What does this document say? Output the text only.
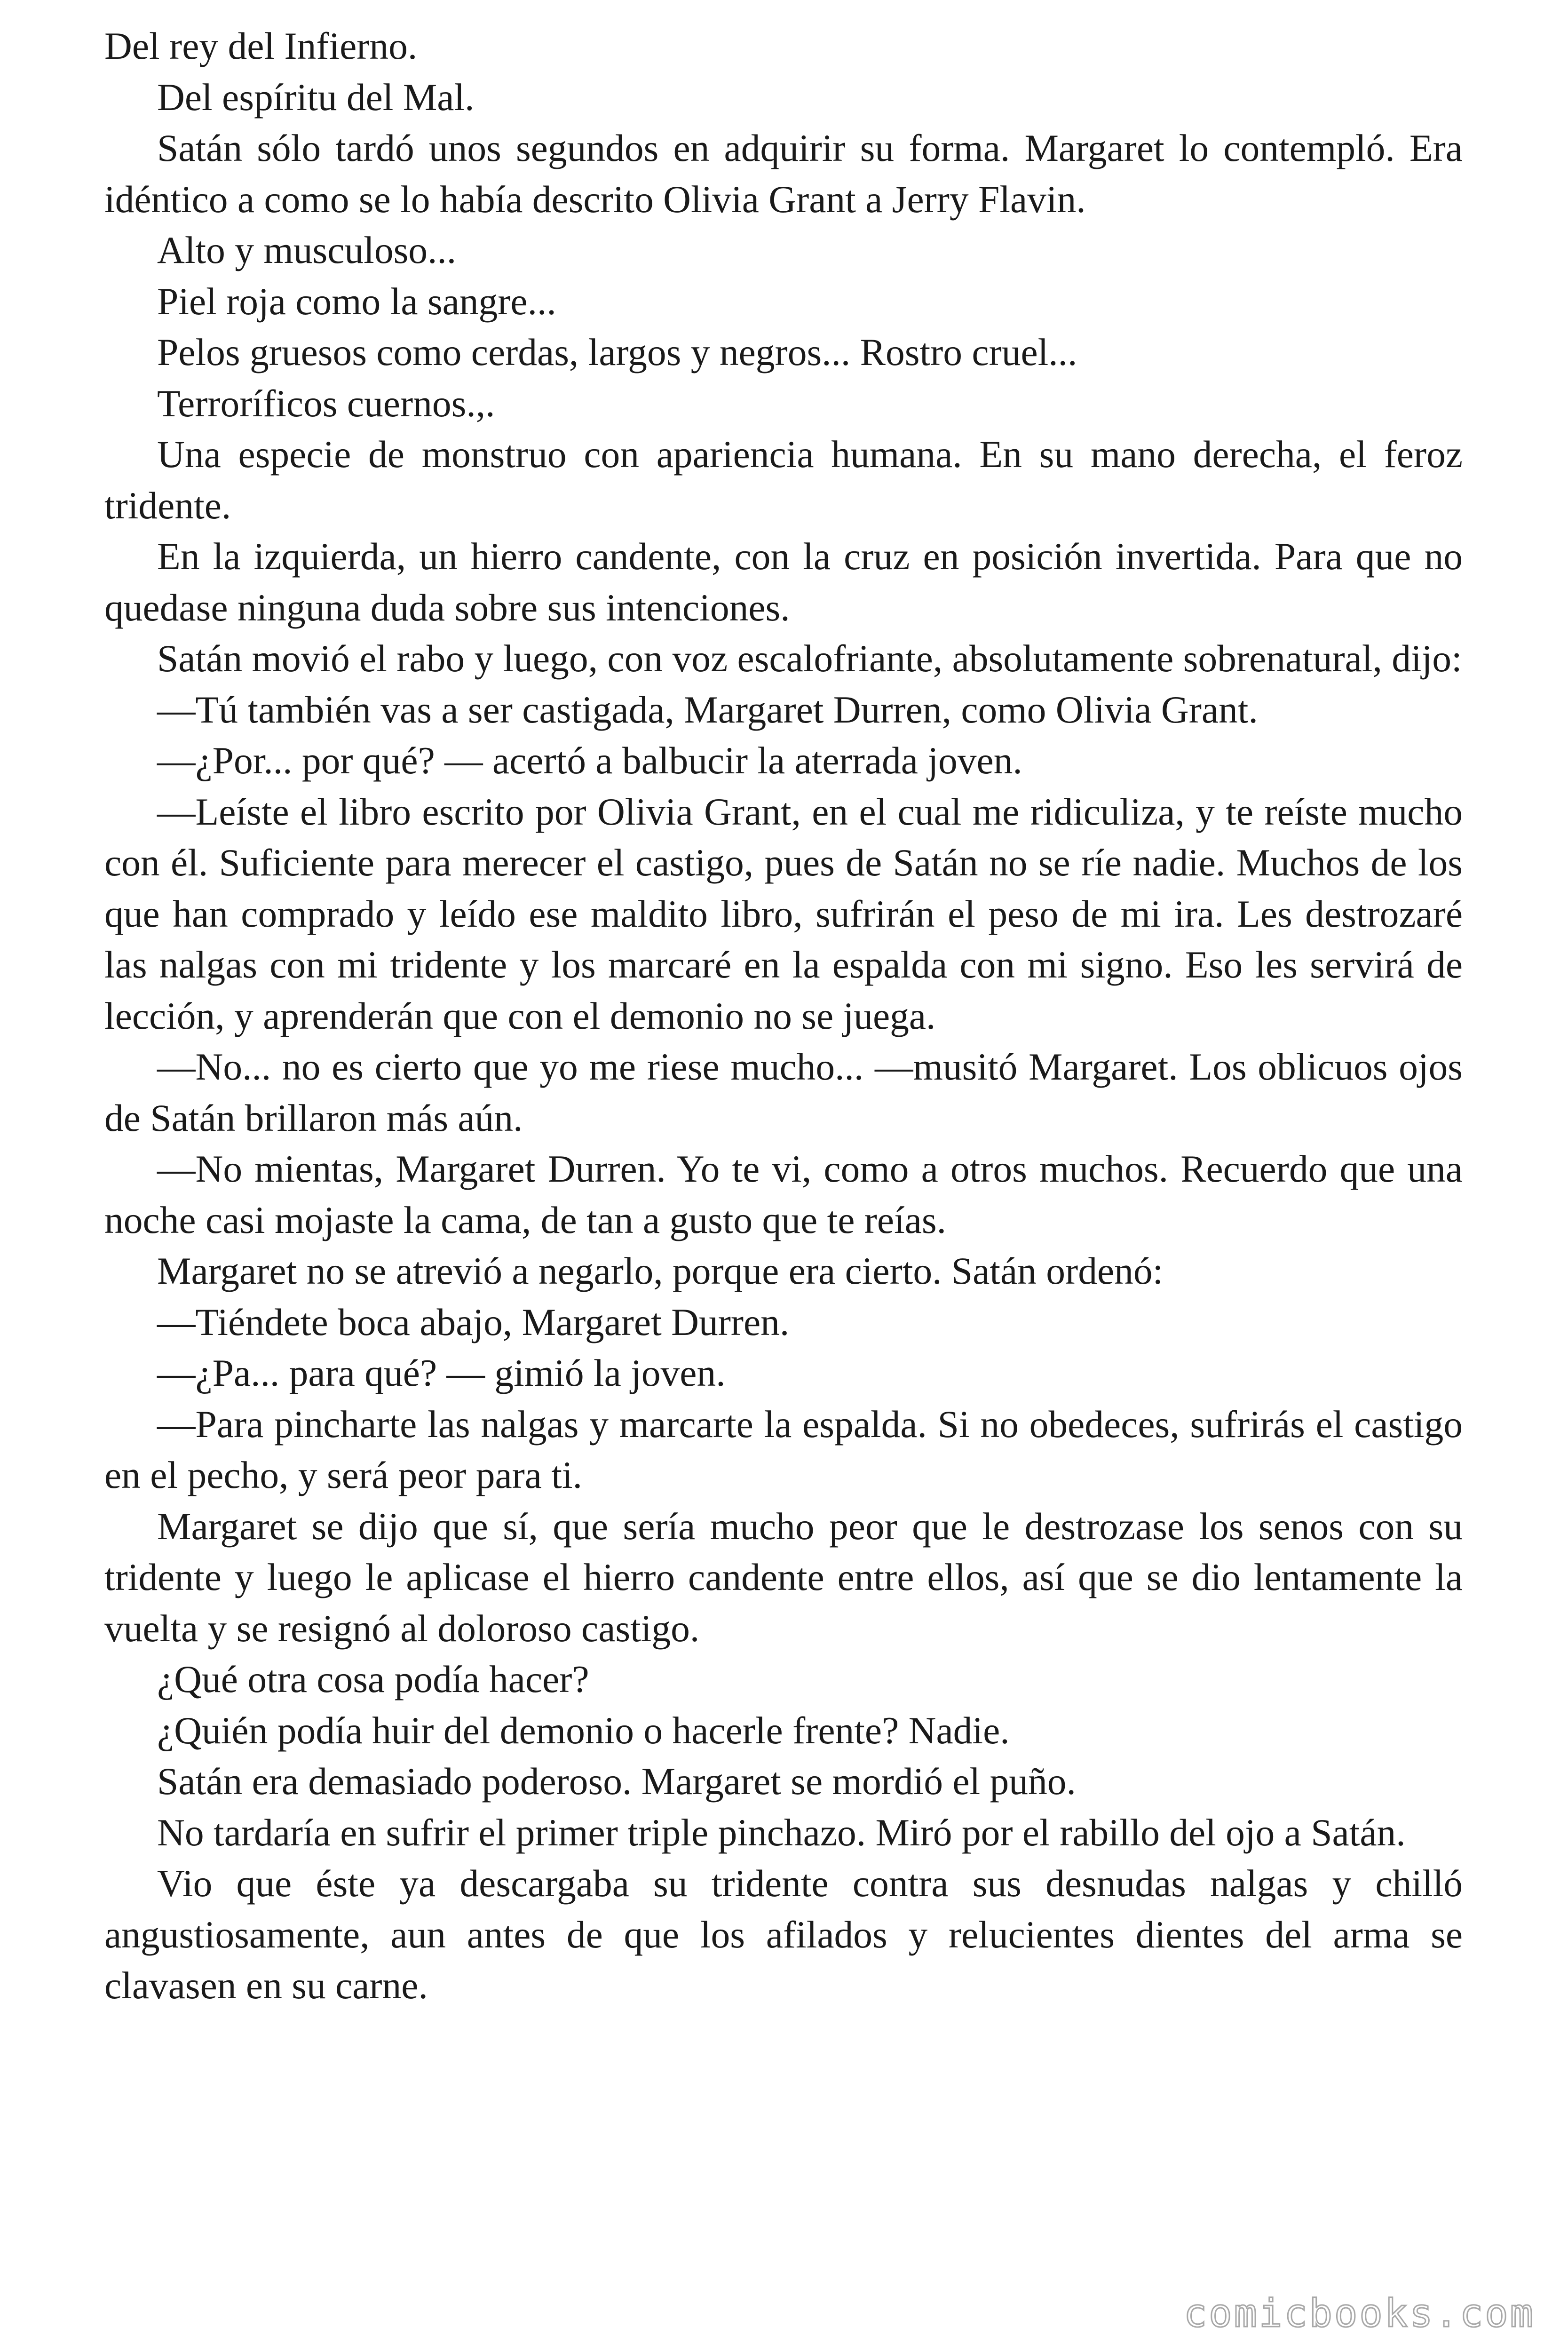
Del rey del Infierno.

Del espíritu del Mal.

Satán sólo tardó unos segundos en adquirir su forma. Margaret lo contempló. Era idéntico a como se lo había descrito Olivia Grant a Jerry Flavin.

Alto y musculoso...

Piel roja como la sangre...

Pelos gruesos como cerdas, largos y negros... Rostro cruel...

Terroríficos cuernos.,.

Una especie de monstruo con apariencia humana. En su mano derecha, el feroz tridente.

En la izquierda, un hierro candente, con la cruz en posición invertida. Para que no quedase ninguna duda sobre sus intenciones.

Satán movió el rabo y luego, con voz escalofriante, absolutamente sobrenatural, dijo:

—Tú también vas a ser castigada, Margaret Durren, como Olivia Grant.

—¿Por... por qué? — acertó a balbucir la aterrada joven.

—Leíste el libro escrito por Olivia Grant, en el cual me ridiculiza, y te reíste mucho con él. Suficiente para merecer el castigo, pues de Satán no se ríe nadie. Muchos de los que han comprado y leído ese maldito libro, sufrirán el peso de mi ira. Les destrozaré las nalgas con mi tridente y los marcaré en la espalda con mi signo. Eso les servirá de lección, y aprenderán que con el demonio no se juega.

—No... no es cierto que yo me riese mucho... —musitó Margaret. Los oblicuos ojos de Satán brillaron más aún.

—No mientas, Margaret Durren. Yo te vi, como a otros muchos. Recuerdo que una noche casi mojaste la cama, de tan a gusto que te reías.

Margaret no se atrevió a negarlo, porque era cierto. Satán ordenó:

—Tiéndete boca abajo, Margaret Durren.

—¿Pa... para qué? — gimió la joven.

—Para pincharte las nalgas y marcarte la espalda. Si no obedeces, sufrirás el castigo en el pecho, y será peor para ti.

Margaret se dijo que sí, que sería mucho peor que le destrozase los senos con su tridente y luego le aplicase el hierro candente entre ellos, así que se dio lentamente la vuelta y se resignó al doloroso castigo.

¿Qué otra cosa podía hacer?

¿Quién podía huir del demonio o hacerle frente? Nadie.

Satán era demasiado poderoso. Margaret se mordió el puño.

No tardaría en sufrir el primer triple pinchazo. Miró por el rabillo del ojo a Satán.

Vio que éste ya descargaba su tridente contra sus desnudas nalgas y chilló angustiosamente, aun antes de que los afilados y relucientes dientes del arma se clavasen en su carne.

comicbooks.com
